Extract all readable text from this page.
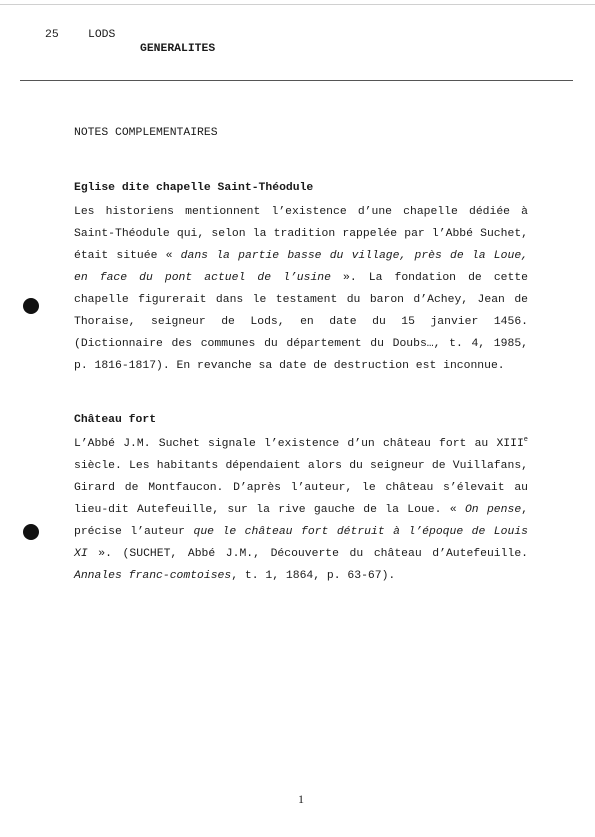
25	LODS
GENERALITES
NOTES COMPLEMENTAIRES
Eglise dite chapelle Saint-Théodule

Les historiens mentionnent l’existence d’une chapelle dédiée à Saint-Théodule qui, selon la tradition rappelée par l’Abbé Suchet, était située « dans la partie basse du village, près de la Loue, en face du pont actuel de l’usine ». La fondation de cette chapelle figurerait dans le testament du baron d’Achey, Jean de Thoraise, seigneur de Lods, en date du 15 janvier 1456. (Dictionnaire des communes du département du Doubs…, t. 4, 1985, p. 1816-1817). En revanche sa date de destruction est inconnue.

Château fort

L’Abbé J.M. Suchet signale l’existence d’un château fort au XIIIe siècle. Les habitants dépendaient alors du seigneur de Vuillafans, Girard de Montfaucon. D’après l’auteur, le château s’élevait au lieu-dit Autefeuille, sur la rive gauche de la Loue. « On pense, précise l’auteur que le château fort détruit à l’époque de Louis XI ». (SUCHET, Abbé J.M., Découverte du château d’Autefeuille. Annales franc-comtoises, t. 1, 1864, p. 63-67).

1
